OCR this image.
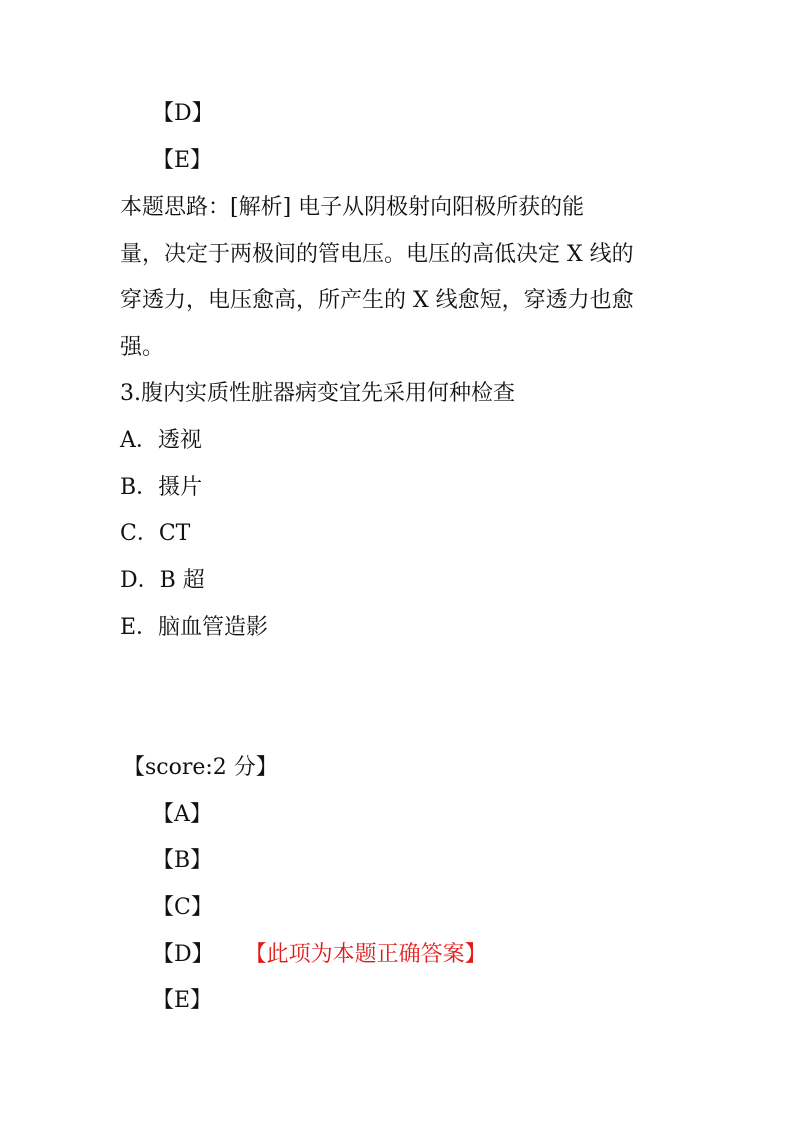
【D】
【E】
本题思路：[解析] 电子从阴极射向阳极所获的能
量，决定于两极间的管电压。电压的高低决定 X 线的
穿透力，电压愈高，所产生的 X 线愈短，穿透力也愈
强。
3.腹内实质性脏器病变宜先采用何种检查
A．透视
B．摄片
C．CT
D．B 超
E．脑血管造影
【score:2 分】
【A】
【B】
【C】
【D】 【此项为本题正确答案】
【E】
